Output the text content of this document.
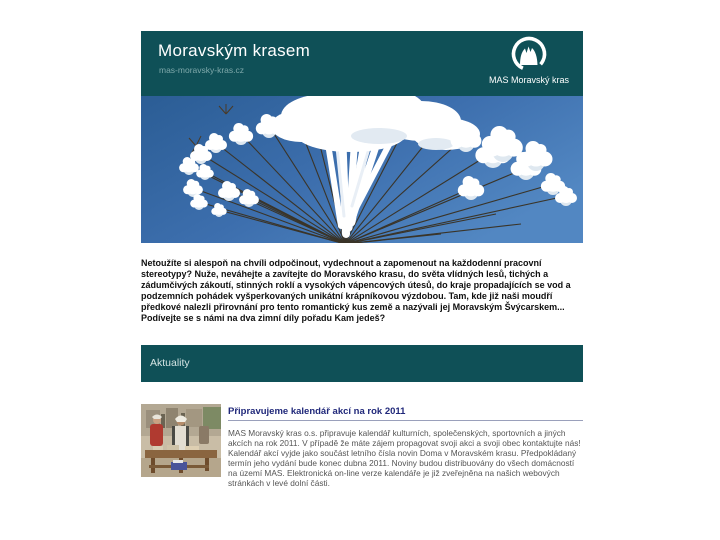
Moravským krasem
mas-moravsky-kras.cz
MAS Moravský kras

Netoužíte si alespoň na chvíli odpočinout, vydechnout a zapomenout na každodenní pracovní stereotypy? Nuže, neváhejte a zavítejte do Moravského krasu, do světa vlídných lesů, tichých a zádumčivých zákoutí, stinných roklí a vysokých vápencových útesů, do kraje propadajících se vod a podzemních pohádek vyšperkovaných unikátní krápníkovou výzdobou. Tam, kde již naši moudří předkové nalezli přirovnání pro tento romantický kus země a nazývali jej Moravským Švýcarskem... Podívejte se s námi na dva zimní díly pořadu Kam jedeš?

Aktuality
Připravujeme kalendář akcí na rok 2011
MAS Moravský kras o.s. připravuje kalendář kulturních, společenských, sportovních a jiných akcích na rok 2011. V případě že máte zájem propagovat svoji akci a svoji obec kontaktujte nás! Kalendář akcí vyjde jako součást letního čísla novin Doma v Moravském krasu. Předpokládaný termín jeho vydání bude konec dubna 2011. Noviny budou distribuovány do všech domácností na území MAS. Elektronická on-line verze kalendáře je již zveřejněna na našich webových stránkách v levé dolní části.
